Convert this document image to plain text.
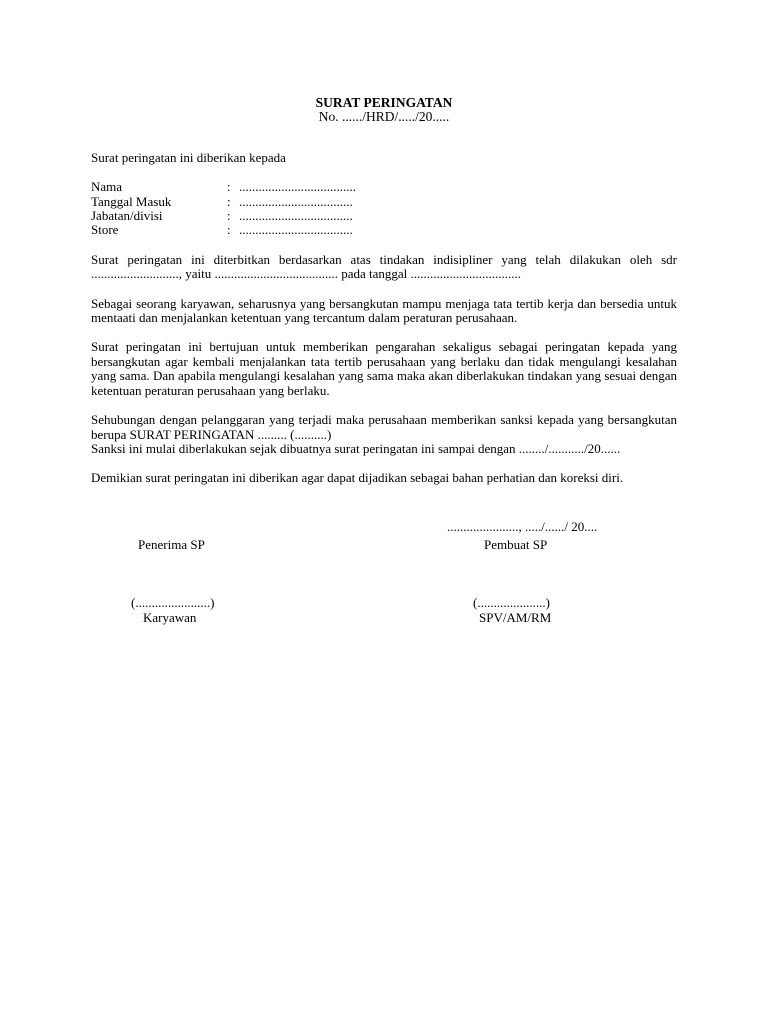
SURAT PERINGATAN
No. ....../HRD/...../20.....
Surat peringatan ini diberikan kepada
Nama	: ....................................
Tanggal Masuk	: ...................................
Jabatan/divisi	: ...................................
Store	: ...................................

Surat peringatan ini diterbitkan berdasarkan atas tindakan indisipliner yang telah dilakukan oleh sdr ..........................., yaitu ...................................... pada tanggal ..................................

Sebagai seorang karyawan, seharusnya yang bersangkutan mampu menjaga tata tertib kerja dan bersedia untuk mentaati dan menjalankan ketentuan yang tercantum dalam peraturan perusahaan.

Surat peringatan ini bertujuan untuk memberikan pengarahan sekaligus sebagai peringatan kepada yang bersangkutan agar kembali menjalankan tata tertib perusahaan yang berlaku dan tidak mengulangi kesalahan yang sama. Dan apabila mengulangi kesalahan yang sama maka akan diberlakukan tindakan yang sesuai dengan ketentuan peraturan perusahaan yang berlaku.

Sehubungan dengan pelanggaran yang terjadi maka perusahaan memberikan sanksi kepada yang bersangkutan berupa SURAT PERINGATAN ......... (..........)

Sanksi ini mulai diberlakukan sejak dibuatnya surat peringatan ini sampai dengan ......../.........../20......

Demikian surat peringatan ini diberikan agar dapat dijadikan sebagai bahan perhatian dan koreksi diri.

......................, ...../....../ 20....
Penerima SP	Pembuat SP
(.......................)	(.....................)
Karyawan	SPV/AM/RM
